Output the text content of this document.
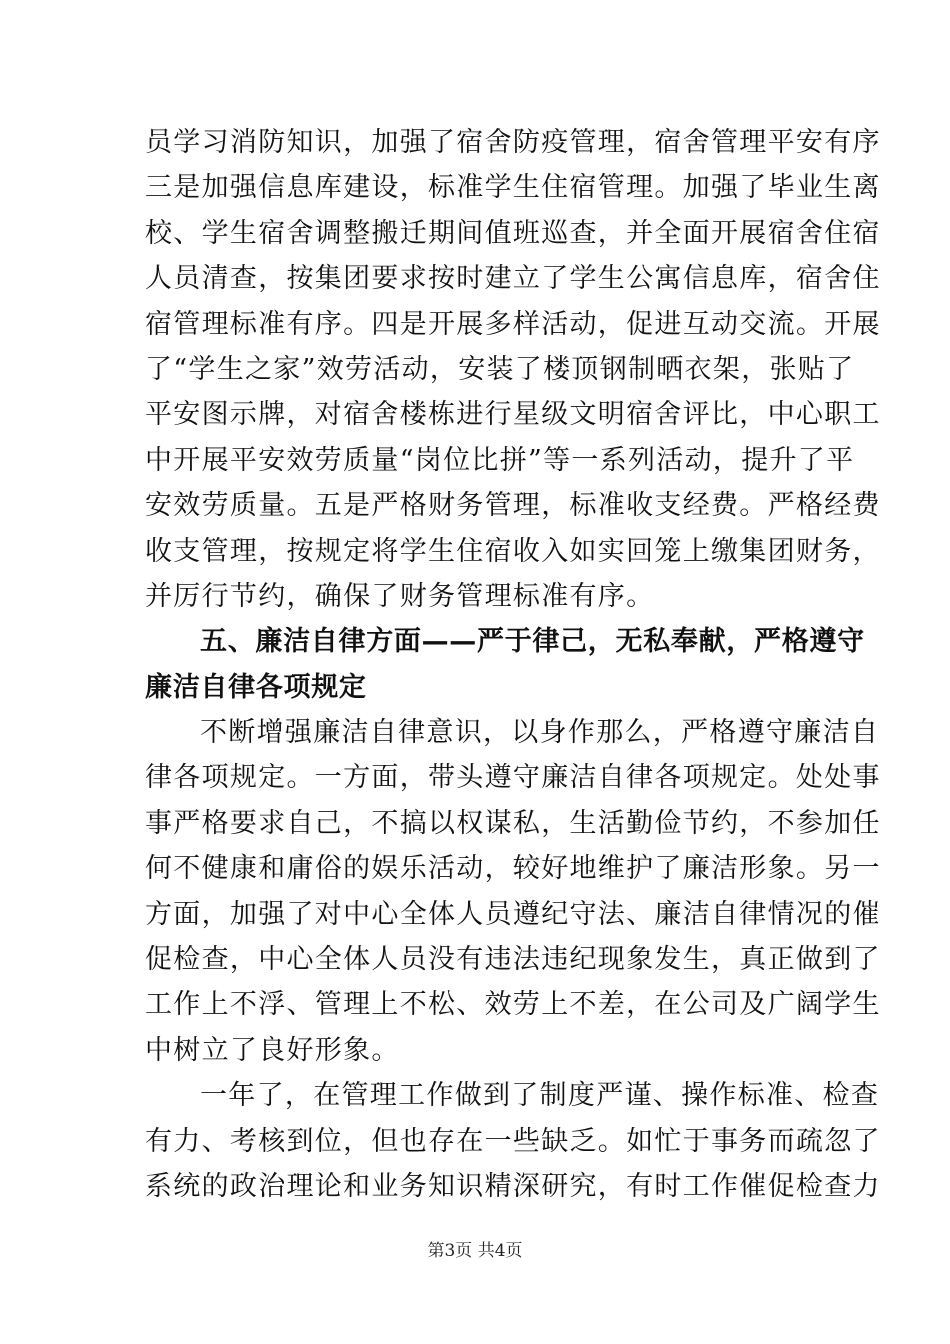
员学习消防知识，加强了宿舍防疫管理，宿舍管理平安有序
三是加强信息库建设，标准学生住宿管理。加强了毕业生离
校、学生宿舍调整搬迁期间值班巡查，并全面开展宿舍住宿
人员清查，按集团要求按时建立了学生公寓信息库，宿舍住
宿管理标准有序。四是开展多样活动，促进互动交流。开展
了“学生之家”效劳活动，安装了楼顶钢制晒衣架，张贴了
平安图示牌，对宿舍楼栋进行星级文明宿舍评比，中心职工
中开展平安效劳质量“岗位比拼”等一系列活动，提升了平
安效劳质量。五是严格财务管理，标准收支经费。严格经费
收支管理，按规定将学生住宿收入如实回笼上缴集团财务，
并厉行节约，确保了财务管理标准有序。
五、廉洁自律方面——严于律己，无私奉献，严格遵守
廉洁自律各项规定
不断增强廉洁自律意识，以身作那么，严格遵守廉洁自
律各项规定。一方面，带头遵守廉洁自律各项规定。处处事
事严格要求自己，不搞以权谋私，生活勤俭节约，不参加任
何不健康和庸俗的娱乐活动，较好地维护了廉洁形象。另一
方面，加强了对中心全体人员遵纪守法、廉洁自律情况的催
促检查，中心全体人员没有违法违纪现象发生，真正做到了
工作上不浮、管理上不松、效劳上不差，在公司及广阔学生
中树立了良好形象。
一年了，在管理工作做到了制度严谨、操作标准、检查
有力、考核到位，但也存在一些缺乏。如忙于事务而疏忽了
系统的政治理论和业务知识精深研究，有时工作催促检查力
第3页 共4页
